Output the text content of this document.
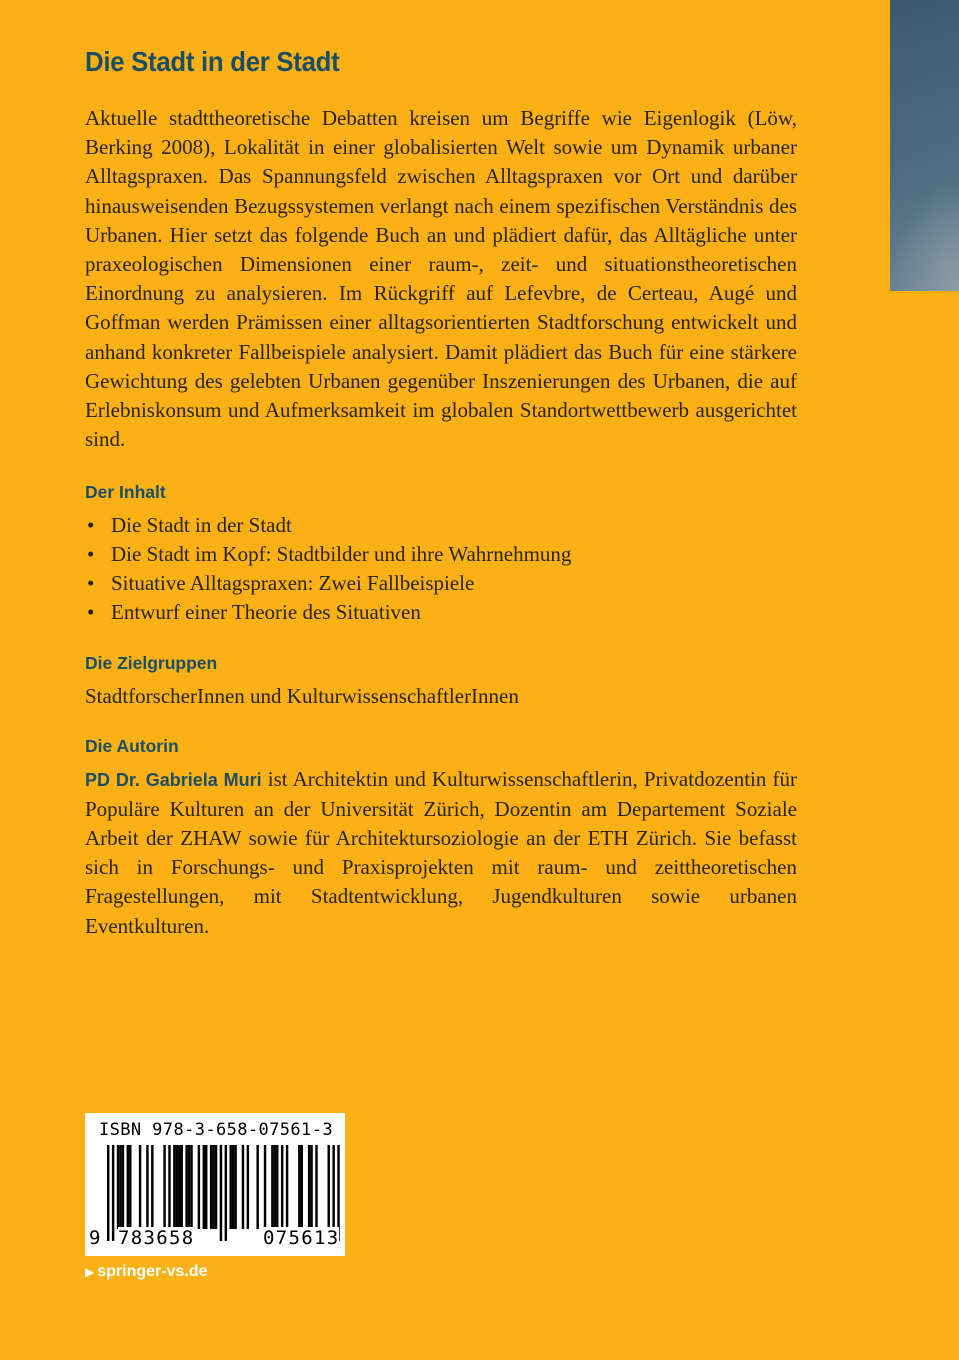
Die Stadt in der Stadt

Aktuelle stadttheoretische Debatten kreisen um Begriffe wie Eigenlogik (Löw, Berking 2008), Lokalität in einer globalisierten Welt sowie um Dynamik urbaner Alltagspraxen. Das Spannungsfeld zwischen Alltagspraxen vor Ort und darüber hinausweisenden Bezugssystemen verlangt nach einem spezifischen Verständnis des Urbanen. Hier setzt das folgende Buch an und plädiert dafür, das Alltägliche unter praxeologischen Dimensionen einer raum-, zeit- und situationstheoretischen Einordnung zu analysieren. Im Rückgriff auf Lefevbre, de Certeau, Augé und Goffman werden Prämissen einer alltagsorientierten Stadtforschung entwickelt und anhand konkreter Fallbeispiele analysiert. Damit plädiert das Buch für eine stärkere Gewichtung des gelebten Urbanen gegenüber Inszenierungen des Urbanen, die auf Erlebniskonsum und Aufmerksamkeit im globalen Standortwettbewerb ausgerichtet sind.

Der Inhalt
• Die Stadt in der Stadt
• Die Stadt im Kopf: Stadtbilder und ihre Wahrnehmung
• Situative Alltagspraxen: Zwei Fallbeispiele
• Entwurf einer Theorie des Situativen
Die Zielgruppen

StadtforscherInnen und KulturwissenschaftlerInnen

Die Autorin

PD Dr. Gabriela Muri ist Architektin und Kulturwissenschaftlerin, Privatdozentin für Populäre Kulturen an der Universität Zürich, Dozentin am Departement Soziale Arbeit der ZHAW sowie für Architektursoziologie an der ETH Zürich. Sie befasst sich in Forschungs- und Praxisprojekten mit raum- und zeittheoretischen Fragestellungen, mit Stadtentwicklung, Jugendkulturen sowie urbanen Eventkulturen.

ISBN 978-3-658-07561-3
9 783658	075613
▶ springer-vs.de
